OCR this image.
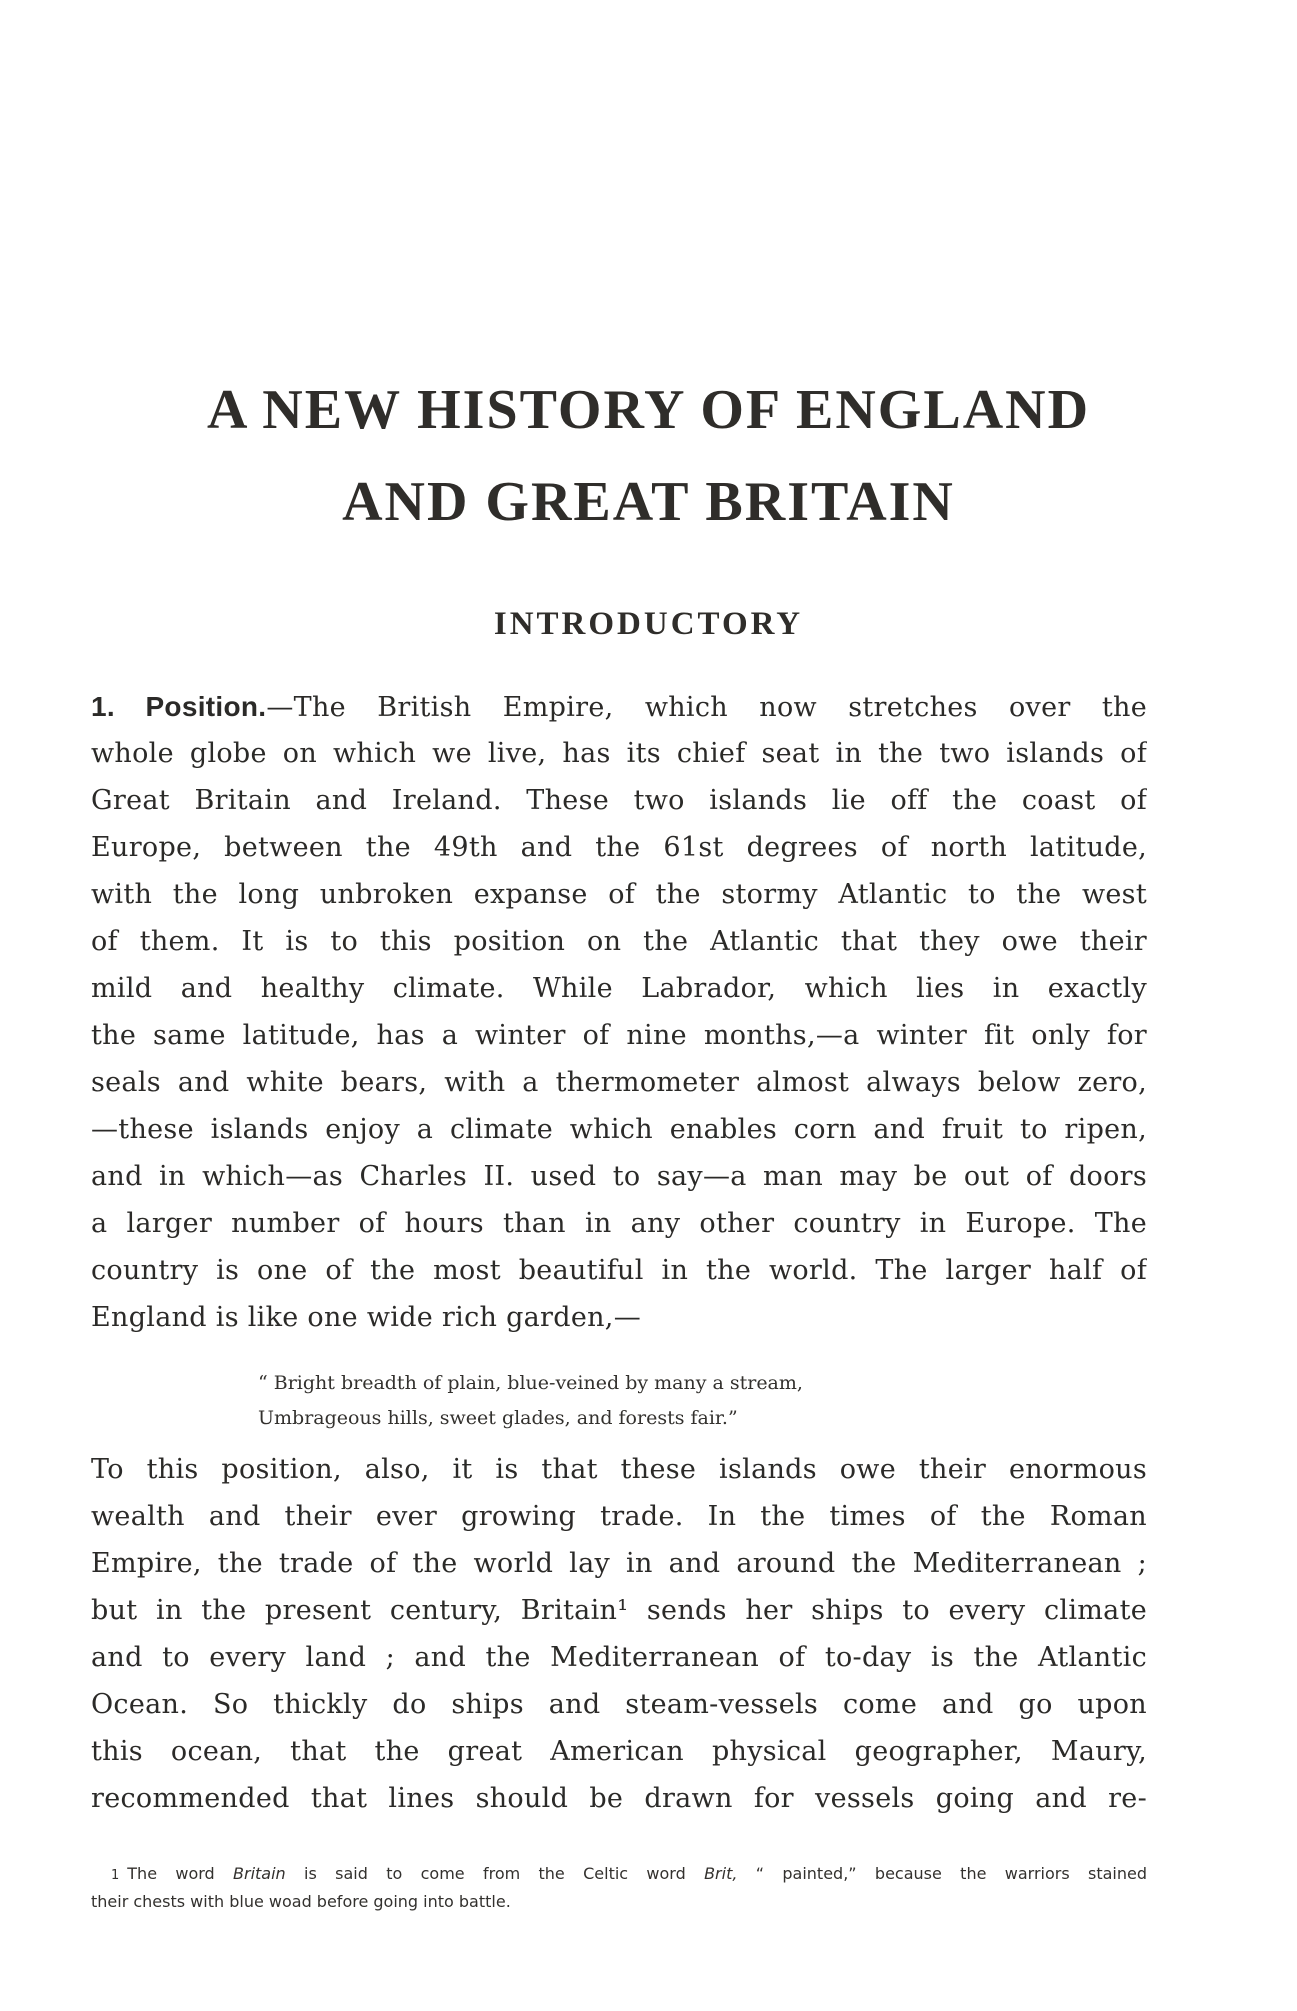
A NEW HISTORY OF ENGLAND
AND GREAT BRITAIN
INTRODUCTORY
1. Position.—The British Empire, which now stretches over the
whole globe on which we live, has its chief seat in the two islands of
Great Britain and Ireland. These two islands lie off the coast of
Europe, between the 49th and the 61st degrees of north latitude,
with the long unbroken expanse of the stormy Atlantic to the west
of them. It is to this position on the Atlantic that they owe their
mild and healthy climate. While Labrador, which lies in exactly
the same latitude, has a winter of nine months,—a winter fit only for
seals and white bears, with a thermometer almost always below zero,
—these islands enjoy a climate which enables corn and fruit to ripen,
and in which—as Charles II. used to say—a man may be out of doors
a larger number of hours than in any other country in Europe. The
country is one of the most beautiful in the world. The larger half of
England is like one wide rich garden,—
“ Bright breadth of plain, blue-veined by many a stream,
Umbrageous hills, sweet glades, and forests fair.”
To this position, also, it is that these islands owe their enormous
wealth and their ever growing trade. In the times of the Roman
Empire, the trade of the world lay in and around the Mediterranean ;
but in the present century, Britain¹ sends her ships to every climate
and to every land ; and the Mediterranean of to-day is the Atlantic
Ocean. So thickly do ships and steam-vessels come and go upon
this ocean, that the great American physical geographer, Maury,
recommended that lines should be drawn for vessels going and re-
1 The word Britain is said to come from the Celtic word Brit, “ painted,” because the warriors stained
their chests with blue woad before going into battle.
